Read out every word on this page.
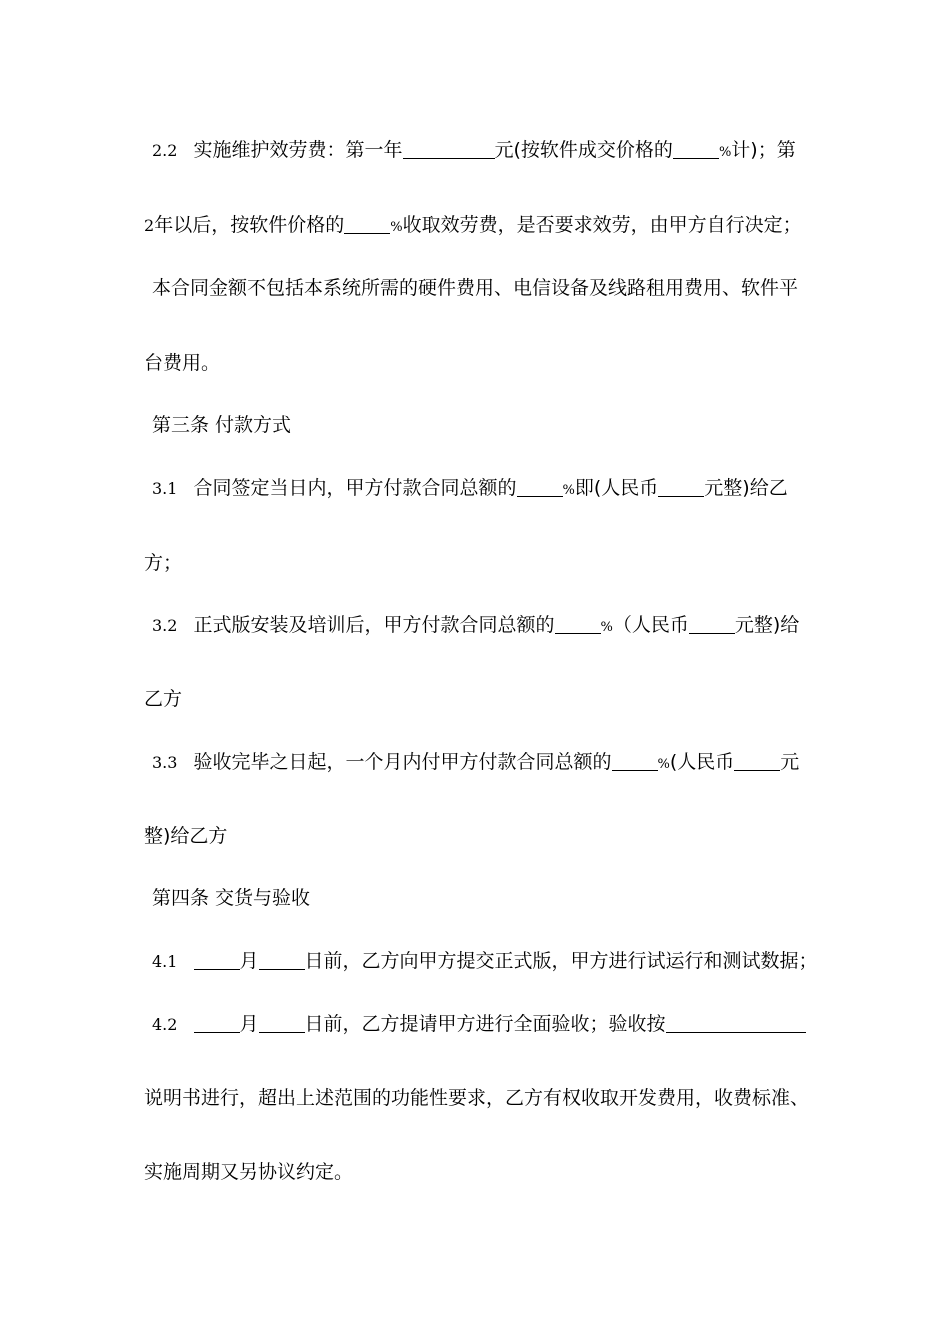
2.2 实施维护效劳费：第一年	元(按软件成交价格的	%计)；第
2年以后，按软件价格的	%收取效劳费，是否要求效劳，由甲方自行决定；
本合同金额不包括本系统所需的硬件费用、电信设备及线路租用费用、软件平
台费用。
第三条 付款方式
3.1 合同签定当日内，甲方付款合同总额的	%即(人民币 元整)给乙
方；
3.2 正式版安装及培训后，甲方付款合同总额的	%（人民币 元整)给
乙方
3.3 验收完毕之日起，一个月内付甲方付款合同总额的	%(人民币 元
整)给乙方
第四条 交货与验收
4.1	月 日前，乙方向甲方提交正式版，甲方进行试运行和测试数据；
4.2	月 日前，乙方提请甲方进行全面验收；验收按
说明书进行，超出上述范围的功能性要求，乙方有权收取开发费用，收费标准、
实施周期又另协议约定。
